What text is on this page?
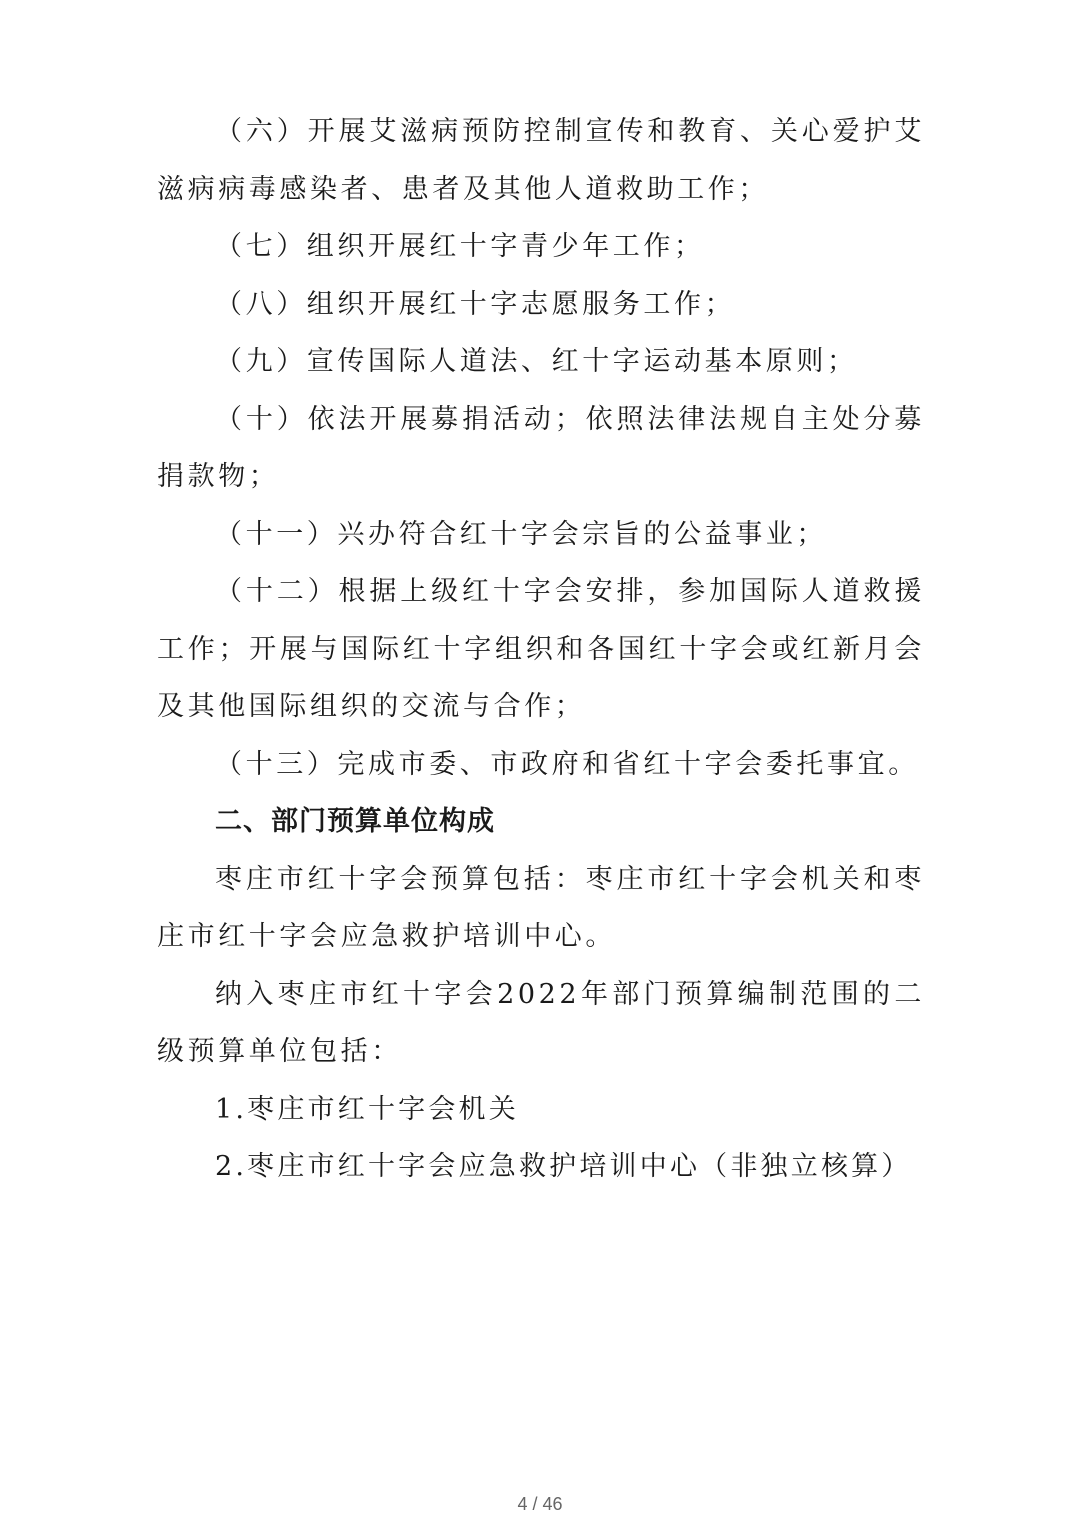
（六）开展艾滋病预防控制宣传和教育、关心爱护艾滋病病毒感染者、患者及其他人道救助工作；

（七）组织开展红十字青少年工作；

（八）组织开展红十字志愿服务工作；

（九）宣传国际人道法、红十字运动基本原则；

（十）依法开展募捐活动；依照法律法规自主处分募捐款物；

（十一）兴办符合红十字会宗旨的公益事业；

（十二）根据上级红十字会安排，参加国际人道救援工作；开展与国际红十字组织和各国红十字会或红新月会及其他国际组织的交流与合作；

（十三）完成市委、市政府和省红十字会委托事宜。

二、部门预算单位构成

枣庄市红十字会预算包括：枣庄市红十字会机关和枣庄市红十字会应急救护培训中心。

纳入枣庄市红十字会2022年部门预算编制范围的二级预算单位包括：

1.枣庄市红十字会机关

2.枣庄市红十字会应急救护培训中心（非独立核算）

4 / 46
